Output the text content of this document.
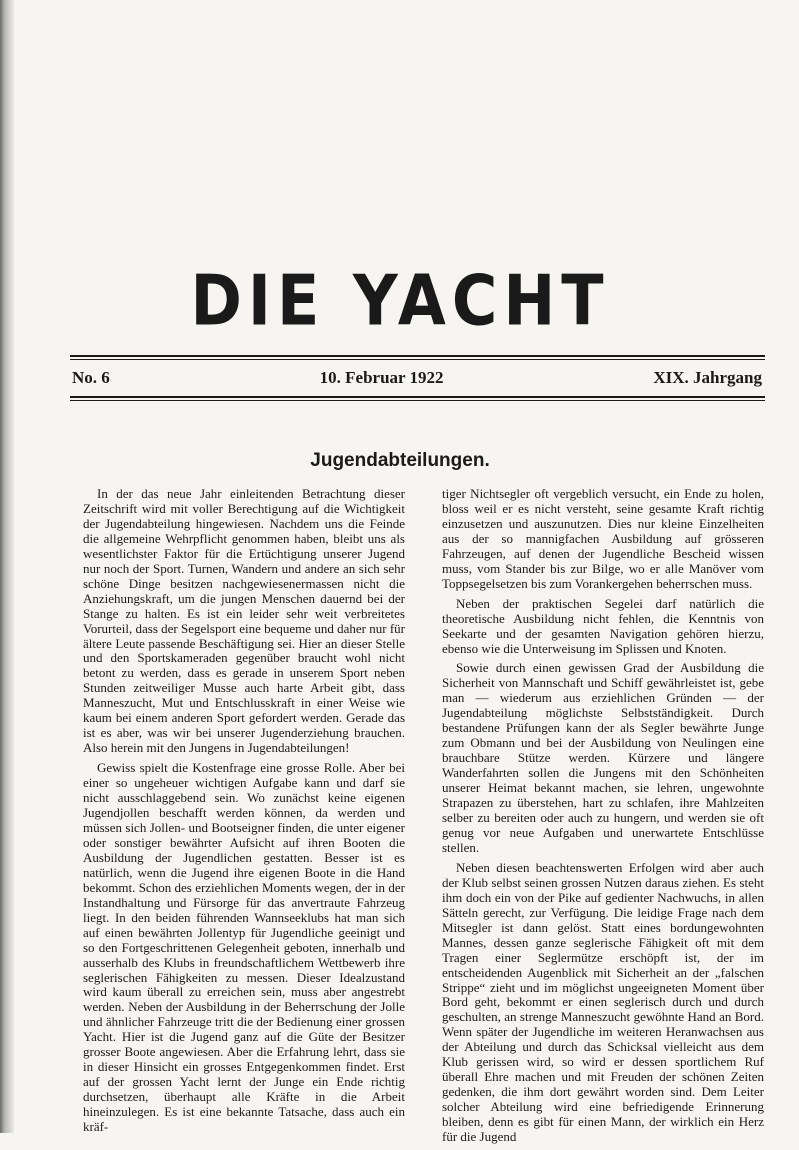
DIE YACHT
No. 6	10. Februar 1922	XIX. Jahrgang
Jugendabteilungen.

In der das neue Jahr einleitenden Betrachtung dieser Zeitschrift wird mit voller Berechtigung auf die Wichtigkeit der Jugendabteilung hingewiesen. Nachdem uns die Feinde die allgemeine Wehrpflicht genommen haben, bleibt uns als wesentlichster Faktor für die Ertüchtigung unserer Jugend nur noch der Sport. Turnen, Wandern und andere an sich sehr schöne Dinge besitzen nachgewiesenermassen nicht die Anziehungskraft, um die jungen Menschen dauernd bei der Stange zu halten. Es ist ein leider sehr weit verbreitetes Vorurteil, dass der Segelsport eine bequeme und daher nur für ältere Leute passende Beschäftigung sei. Hier an dieser Stelle und den Sportskameraden gegenüber braucht wohl nicht betont zu werden, dass es gerade in unserem Sport neben Stunden zeitweiliger Musse auch harte Arbeit gibt, dass Manneszucht, Mut und Entschlusskraft in einer Weise wie kaum bei einem anderen Sport gefordert werden. Gerade das ist es aber, was wir bei unserer Jugenderziehung brauchen. Also herein mit den Jungens in Jugendabteilungen!

Gewiss spielt die Kostenfrage eine grosse Rolle. Aber bei einer so ungeheuer wichtigen Aufgabe kann und darf sie nicht ausschlaggebend sein. Wo zunächst keine eigenen Jugendjollen beschafft werden können, da werden und müssen sich Jollen- und Bootseigner finden, die unter eigener oder sonstiger bewährter Aufsicht auf ihren Booten die Ausbildung der Jugendlichen gestatten. Besser ist es natürlich, wenn die Jugend ihre eigenen Boote in die Hand bekommt. Schon des erziehlichen Moments wegen, der in der Instandhaltung und Fürsorge für das anvertraute Fahrzeug liegt. In den beiden führenden Wannseeklubs hat man sich auf einen bewährten Jollentyp für Jugendliche geeinigt und so den Fortgeschrittenen Gelegenheit geboten, innerhalb und ausserhalb des Klubs in freundschaftlichem Wettbewerb ihre seglerischen Fähigkeiten zu messen. Dieser Idealzustand wird kaum überall zu erreichen sein, muss aber angestrebt werden. Neben der Ausbildung in der Beherrschung der Jolle und ähnlicher Fahrzeuge tritt die der Bedienung einer grossen Yacht. Hier ist die Jugend ganz auf die Güte der Besitzer grosser Boote angewiesen. Aber die Erfahrung lehrt, dass sie in dieser Hinsicht ein grosses Entgegenkommen findet. Erst auf der grossen Yacht lernt der Junge ein Ende richtig durchsetzen, überhaupt alle Kräfte in die Arbeit hineinzulegen. Es ist eine bekannte Tatsache, dass auch ein kräf-

tiger Nichtsegler oft vergeblich versucht, ein Ende zu holen, bloss weil er es nicht versteht, seine gesamte Kraft richtig einzusetzen und auszunutzen. Dies nur kleine Einzelheiten aus der so mannigfachen Ausbildung auf grösseren Fahrzeugen, auf denen der Jugendliche Bescheid wissen muss, vom Stander bis zur Bilge, wo er alle Manöver vom Toppsegelsetzen bis zum Vorankergehen beherrschen muss.

Neben der praktischen Segelei darf natürlich die theoretische Ausbildung nicht fehlen, die Kenntnis von Seekarte und der gesamten Navigation gehören hierzu, ebenso wie die Unterweisung im Splissen und Knoten.

Sowie durch einen gewissen Grad der Ausbildung die Sicherheit von Mannschaft und Schiff gewährleistet ist, gebe man — wiederum aus erziehlichen Gründen — der Jugendabteilung möglichste Selbstständigkeit. Durch bestandene Prüfungen kann der als Segler bewährte Junge zum Obmann und bei der Ausbildung von Neulingen eine brauchbare Stütze werden. Kürzere und längere Wanderfahrten sollen die Jungens mit den Schönheiten unserer Heimat bekannt machen, sie lehren, ungewohnte Strapazen zu überstehen, hart zu schlafen, ihre Mahlzeiten selber zu bereiten oder auch zu hungern, und werden sie oft genug vor neue Aufgaben und unerwartete Entschlüsse stellen.

Neben diesen beachtenswerten Erfolgen wird aber auch der Klub selbst seinen grossen Nutzen daraus ziehen. Es steht ihm doch ein von der Pike auf gedienter Nachwuchs, in allen Sätteln gerecht, zur Verfügung. Die leidige Frage nach dem Mitsegler ist dann gelöst. Statt eines bordungewohnten Mannes, dessen ganze seglerische Fähigkeit oft mit dem Tragen einer Seglermütze erschöpft ist, der im entscheidenden Augenblick mit Sicherheit an der „falschen Strippe“ zieht und im möglichst ungeeigneten Moment über Bord geht, bekommt er einen seglerisch durch und durch geschulten, an strenge Manneszucht gewöhnte Hand an Bord. Wenn später der Jugendliche im weiteren Heranwachsen aus der Abteilung und durch das Schicksal vielleicht aus dem Klub gerissen wird, so wird er dessen sportlichem Ruf überall Ehre machen und mit Freuden der schönen Zeiten gedenken, die ihm dort gewährt worden sind. Dem Leiter solcher Abteilung wird eine befriedigende Erinnerung bleiben, denn es gibt für einen Mann, der wirklich ein Herz für die Jugend
